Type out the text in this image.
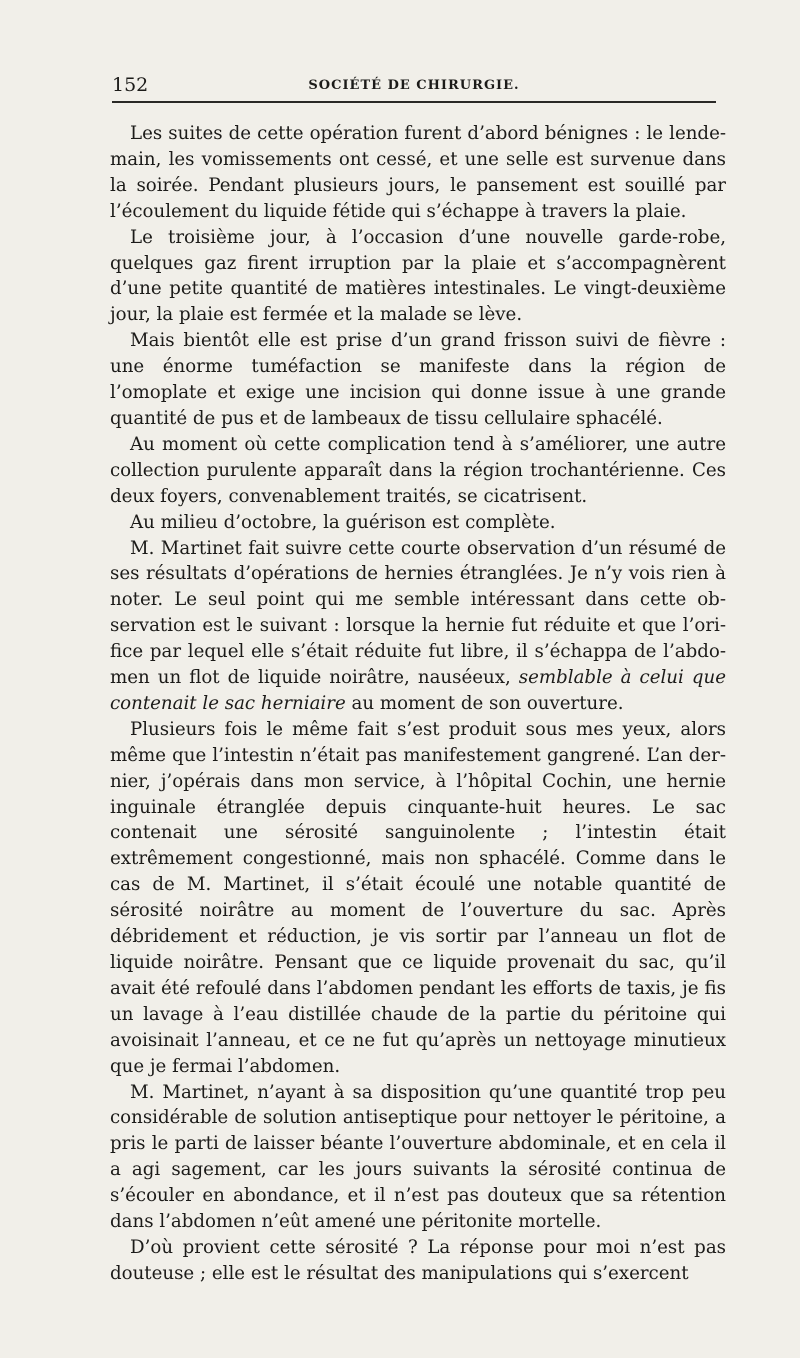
152	SOCIÉTÉ DE CHIRURGIE.

Les suites de cette opération furent d’abord bénignes : le lendemain, les vomissements ont cessé, et une selle est survenue dans la soirée. Pendant plusieurs jours, le pansement est souillé par l’écoulement du liquide fétide qui s’échappe à travers la plaie.

Le troisième jour, à l’occasion d’une nouvelle garde-robe, quelques gaz firent irruption par la plaie et s’accompagnèrent d’une petite quantité de matières intestinales. Le vingt-deuxième jour, la plaie est fermée et la malade se lève.

Mais bientôt elle est prise d’un grand frisson suivi de fièvre : une énorme tuméfaction se manifeste dans la région de l’omoplate et exige une incision qui donne issue à une grande quantité de pus et de lambeaux de tissu cellulaire sphacélé.

Au moment où cette complication tend à s’améliorer, une autre collection purulente apparaît dans la région trochantérienne. Ces deux foyers, convenablement traités, se cicatrisent.

Au milieu d’octobre, la guérison est complète.

M. Martinet fait suivre cette courte observation d’un résumé de ses résultats d’opérations de hernies étranglées. Je n’y vois rien à noter. Le seul point qui me semble intéressant dans cette observation est le suivant : lorsque la hernie fut réduite et que l’orifice par lequel elle s’était réduite fut libre, il s’échappa de l’abdomen un flot de liquide noirâtre, nauséeux, semblable à celui que contenait le sac herniaire au moment de son ouverture.

Plusieurs fois le même fait s’est produit sous mes yeux, alors même que l’intestin n’était pas manifestement gangrené. L’an dernier, j’opérais dans mon service, à l’hôpital Cochin, une hernie inguinale étranglée depuis cinquante-huit heures. Le sac contenait une sérosité sanguinolente ; l’intestin était extrêmement congestionné, mais non sphacélé. Comme dans le cas de M. Martinet, il s’était écoulé une notable quantité de sérosité noirâtre au moment de l’ouverture du sac. Après débridement et réduction, je vis sortir par l’anneau un flot de liquide noirâtre. Pensant que ce liquide provenait du sac, qu’il avait été refoulé dans l’abdomen pendant les efforts de taxis, je fis un lavage à l’eau distillée chaude de la partie du péritoine qui avoisinait l’anneau, et ce ne fut qu’après un nettoyage minutieux que je fermai l’abdomen.

M. Martinet, n’ayant à sa disposition qu’une quantité trop peu considérable de solution antiseptique pour nettoyer le péritoine, a pris le parti de laisser béante l’ouverture abdominale, et en cela il a agi sagement, car les jours suivants la sérosité continua de s’écouler en abondance, et il n’est pas douteux que sa rétention dans l’abdomen n’eût amené une péritonite mortelle.

D’où provient cette sérosité ? La réponse pour moi n’est pas douteuse ; elle est le résultat des manipulations qui s’exercent
